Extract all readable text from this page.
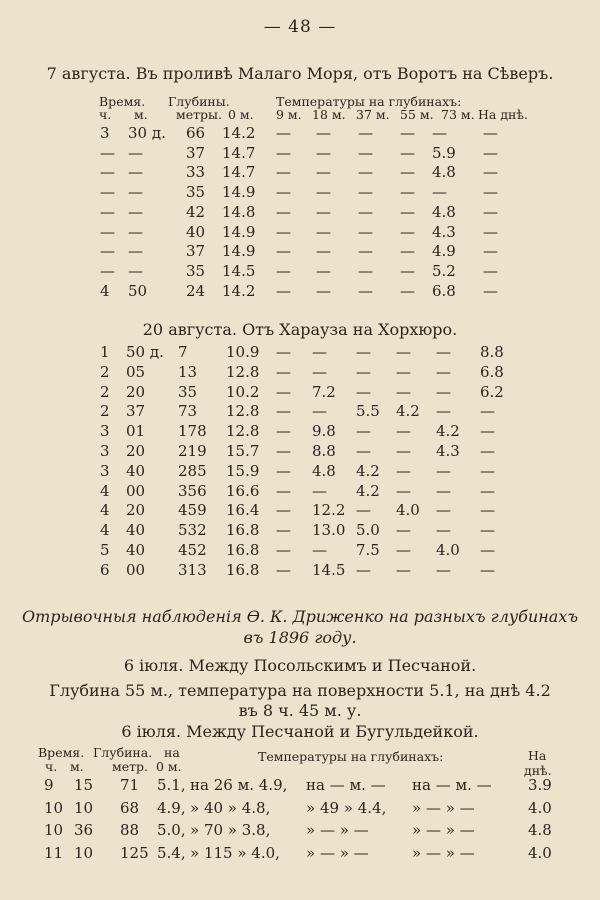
— 48 —
7 августа. Въ проливѣ Малаго Моря, отъ Воротъ на Сѣверъ.
Время. Глубины.	Температуры на глубинахъ:
ч. м. метры. 0 м. 9 м. 18 м. 37 м. 55 м. 73 м. На днѣ.
3 30 д. 66 14.2 — — — — — —
— —	37 14.7 — — — — 5.9 —
— —	33 14.7 — — — — 4.8 —
— —	35 14.9 — — — — — —
— —	42 14.8 — — — — 4.8 —
— —	40 14.9 — — — — 4.3 —
— —	37 14.9 — — — — 4.9 —
— —	35 14.5 — — — — 5.2 —
4 50	24 14.2 — — — — 6.8 —
20 августа. Отъ Харауза на Хорхюро.
1 50 д. 7	10.9 — — — — — 8.8
2 05 13 12.8 — — — — — 6.8
2 20 35 10.2 — 7.2 — — — 6.2
2 37 73 12.8 — — 5.5 4.2 — —
3 01 178 12.8 — 9.8 — — 4.2 —
3 20 219 15.7 — 8.8 — — 4.3 —
3 40 285 15.9 — 4.8 4.2 — — —
4 00 356 16.6 — — 4.2 — — —
4 20 459 16.4 — 12.2 — 4.0 — —
4 40 532 16.8 — 13.0 5.0 — — —
5 40 452 16.8 — — 7.5 — 4.0 —
6 00 313 16.8 — 14.5 — — — —
Отрывочныя наблюденія Ѳ. К. Дриженко на разныхъ глубинахъ
въ 1896 году.
6 іюля. Между Посольскимъ и Песчаной.
Глубина 55 м., температура на поверхности 5.1, на днѣ 4.2
въ 8 ч. 45 м. у.
6 іюля. Между Песчаной и Бугульдейкой.
Время. Глубина. на	Температуры на глубинахъ:	На
ч. м. метр. 0 м.	днѣ.
9 15 71 5.1, на 26 м. 4.9, на — м. — на — м. — 3.9
10 10 68 4.9, » 40 » 4.8, » 49 » 4.4, » — » —	4.0
10 36 88 5.0, » 70 » 3.8, » — » —	» — » —	4.8
11 10 125 5.4, » 115 » 4.0, » — » —	» — » —	4.0
